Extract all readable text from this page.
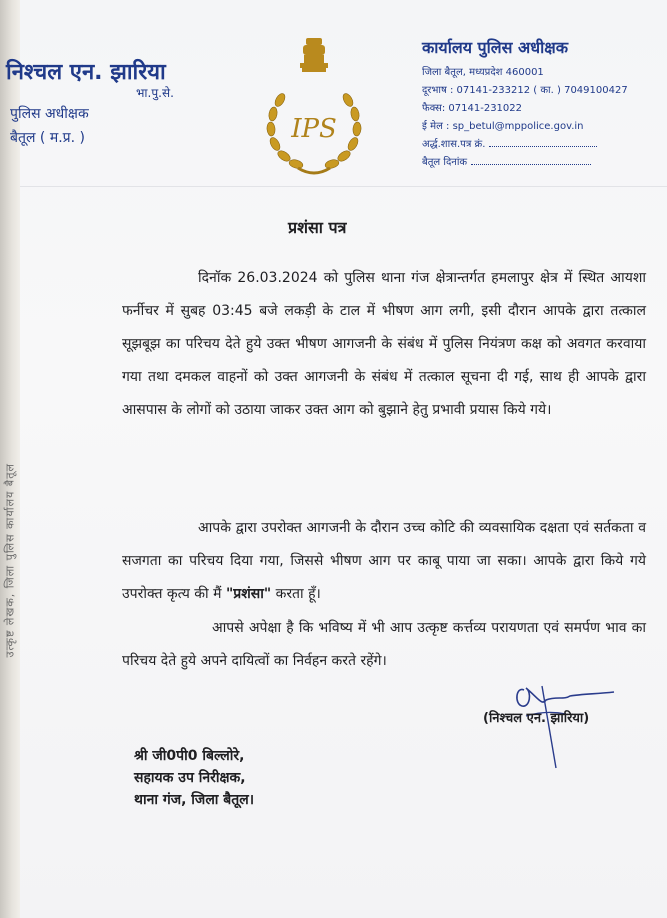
उत्कृष्ट लेखक, जिला पुलिस कार्यालय बैतूल
निश्चल एन. झारिया
भा.पु.से.
पुलिस अधीक्षक
बैतूल ( म.प्र. )	IPS
कार्यालय पुलिस अधीक्षक
जिला बैतूल, मध्यप्रदेश 460001
दूरभाष : 07141-233212 ( का. ) 7049100427
फैक्स: 07141-231022
ई मेल : sp_betul@mppolice.gov.in
अर्द्ध.शास.पत्र क्रं.
बैतूल दिनांक
प्रशंसा पत्र
दिनॉक 26.03.2024 को पुलिस थाना गंज क्षेत्रान्तर्गत हमलापुर क्षेत्र में स्थित आयशा फर्नीचर में सुबह 03:45 बजे लकड़ी के टाल में भीषण आग लगी, इसी दौरान आपके द्वारा तत्काल सूझबूझ का परिचय देते हुये उक्त भीषण आगजनी के संबंध में पुलिस नियंत्रण कक्ष को अवगत करवाया गया तथा दमकल वाहनों को उक्त आगजनी के संबंध में तत्काल सूचना दी गई, साथ ही आपके द्वारा आसपास के लोगों को उठाया जाकर उक्त आग को बुझाने हेतु प्रभावी प्रयास किये गये।
आपके द्वारा उपरोक्त आगजनी के दौरान उच्च कोटि की व्यवसायिक दक्षता एवं सर्तकता व सजगता का परिचय दिया गया, जिससे भीषण आग पर काबू पाया जा सका। आपके द्वारा किये गये उपरोक्त कृत्य की मैं "प्रशंसा" करता हूँ।
आपसे अपेक्षा है कि भविष्य में भी आप उत्कृष्ट कर्त्तव्य परायणता एवं समर्पण भाव का परिचय देते हुये अपने दायित्वों का निर्वहन करते रहेंगे।
(निश्चल एन. झारिया)
श्री जी0पी0 बिल्लोरे,
सहायक उप निरीक्षक,
थाना गंज, जिला बैतूल।
